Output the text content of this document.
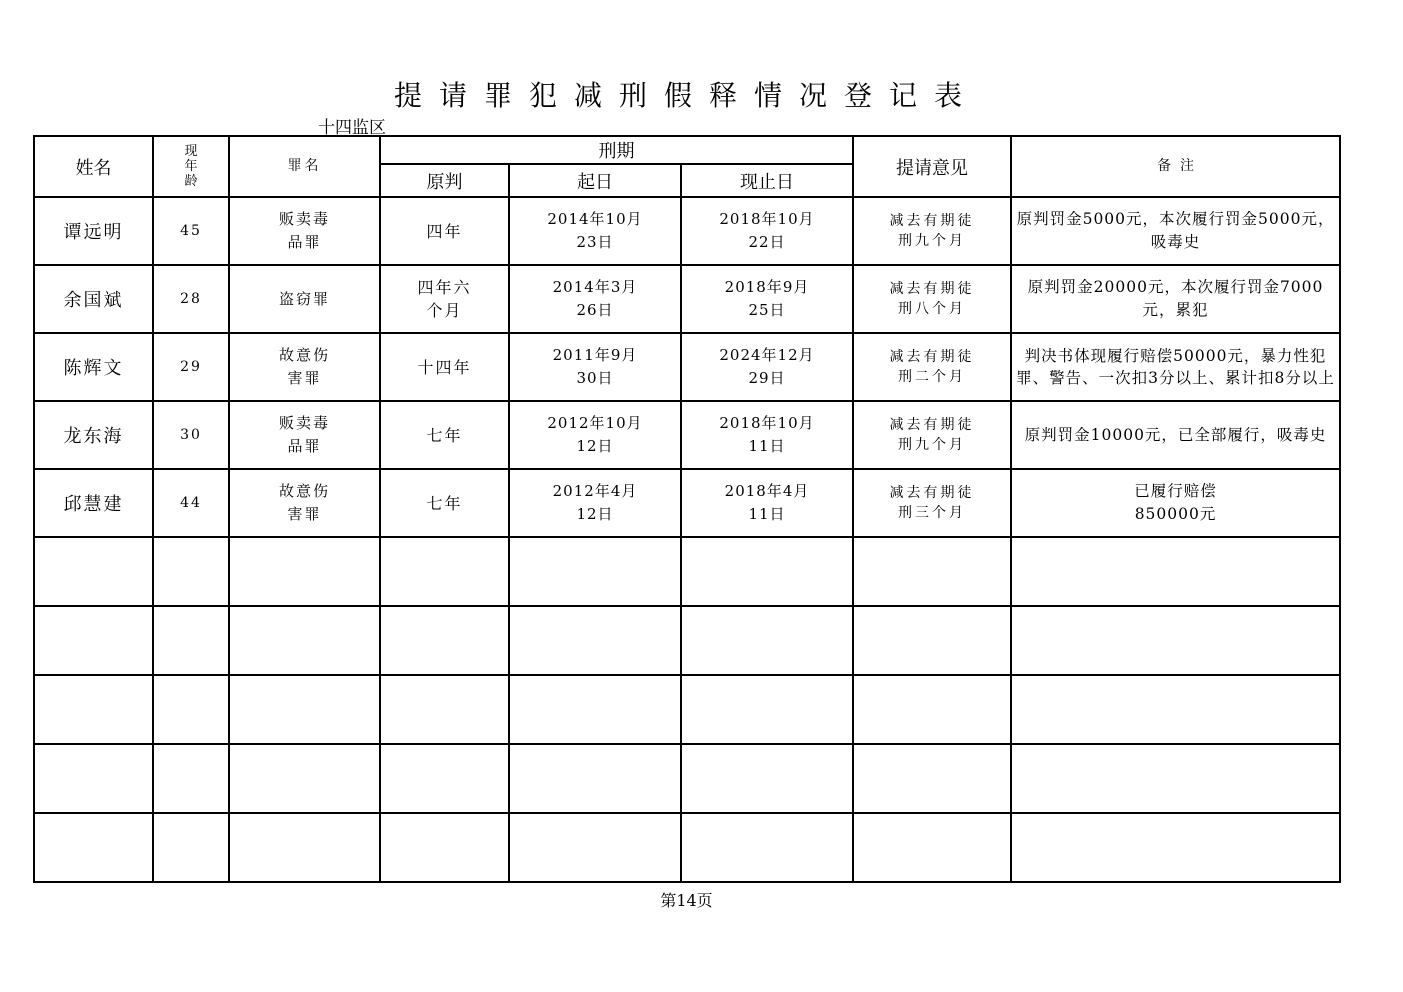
提请罪犯减刑假释情况登记表
十四监区
姓名	现年龄	罪名	刑期			提请意见	备  注
			原判	起日	现止日		
谭远明	45	贩卖毒品罪	四年	2014年10月23日	2018年10月22日	减去有期徒刑九个月	原判罚金5000元，本次履行罚金5000元，吸毒史
余国斌	28	盗窃罪	四年六个月	2014年3月26日	2018年9月25日	减去有期徒刑八个月	原判罚金20000元，本次履行罚金7000元，累犯
陈辉文	29	故意伤害罪	十四年	2011年9月30日	2024年12月29日	减去有期徒刑二个月	判决书体现履行赔偿50000元，暴力性犯罪、警告、一次扣3分以上、累计扣8分以上
龙东海	30	贩卖毒品罪	七年	2012年10月12日	2018年10月11日	减去有期徒刑九个月	原判罚金10000元，已全部履行，吸毒史
邱慧建	44	故意伤害罪	七年	2012年4月12日	2018年4月11日	减去有期徒刑三个月	已履行赔偿850000元

第14页
